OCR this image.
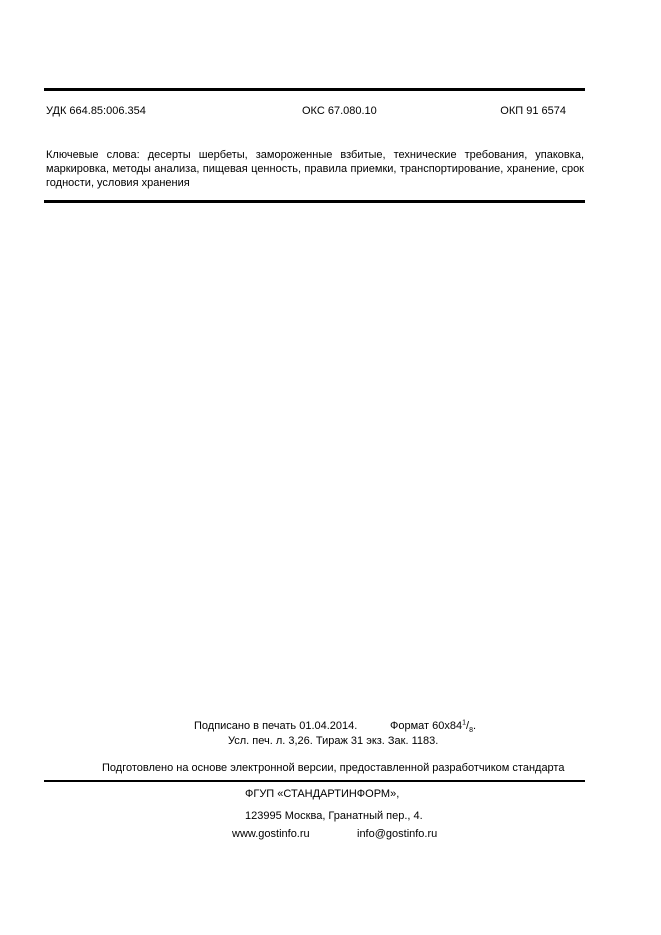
УДК 664.85:006.354	ОКС 67.080.10	ОКП 91 6574
Ключевые слова: десерты шербеты, замороженные взбитые, технические требования, упаковка, маркировка, методы анализа, пищевая ценность, правила приемки, транспортирование, хранение, срок годности, условия хранения
Подписано в печать 01.04.2014.	Формат $60х84^1/_8$.
Усл. печ. л. 3,26. Тираж 31 экз. Зак. 1183.
Подготовлено на основе электронной версии, предоставленной разработчиком стандарта
ФГУП «СТАНДАРТИНФОРМ»,
123995 Москва, Гранатный пер., 4.
www.gostinfo.ru	info@gostinfo.ru
